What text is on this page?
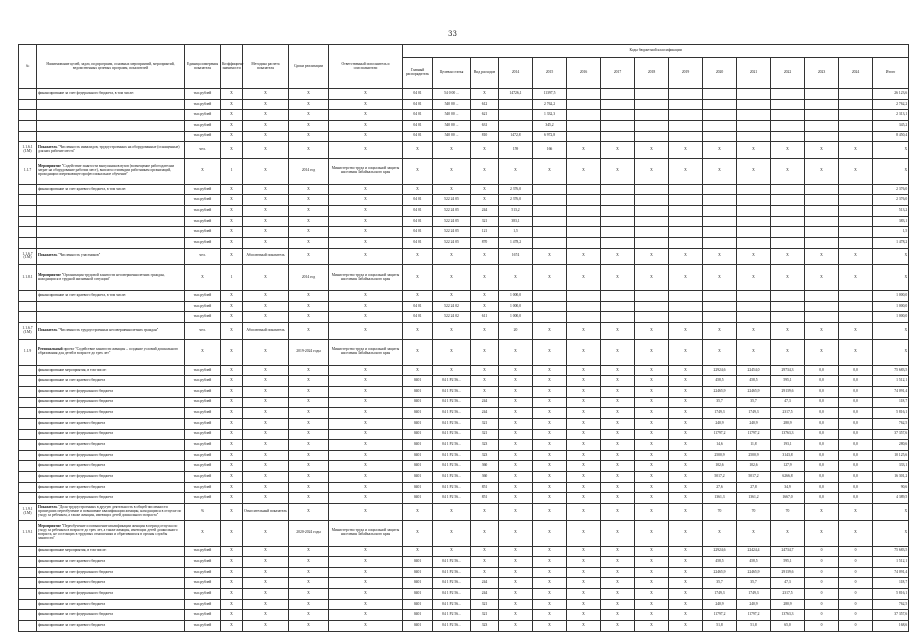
33
№	Наименование целей, задач, подпрограмм, основных мероприятий, мероприятий, ведомственных целевых программ, показателей	Единица измерения показателя	Коэффициент значимости	Методика расчета показателя	Сроки реализации	Ответственный исполнитель и соисполнители	Коды бюджетной классификации														
							Главный распорядитель	Целевая статья	Вид расходов	2014	2015	2016	2017	2018	2019	2020	2021	2022	2023	2024	Итого
	финансирование за счет федерального бюджета, в том числе:	тыс.рублей	X	X	X	X	04 01	54 0 00 ...	X	14726,1	11397,5										26 123,6
		тыс.рублей	X	X	X	X	04 01	540 00 ...	612		2 762,2										2 762,2
		тыс.рублей	X	X	X	X	04 01	540 00 ...	621		1 332,3										2 313,1
		тыс.рублей	X	X	X	X	04 01	540 00 ...	631		345,2										345,2
		тыс.рублей	X	X	X	X	04 01	540 00 ...	810	1472,8	6 972,8										8 450,4
1.1.6.1 (I.M)	Показатель "Численность инвалидов, трудоустроенных на оборудованные (оснащенные) для них рабочие места"	чел.	X	X	X	X	X	X	X	159	166	X	X	X	X	X	X	X	X	X	X
1.1.7	Мероприятие "Содействие занятости выпускников вузов (возмещение работодателям затрат на оборудование рабочих мест), выплата стипендии работникам организаций, проходящим опережающее профессиональное обучение"	X	1	X	2014 год	Министерство труда и социальной защиты населения Забайкальского края	X	X	X	X	X	X	X	X	X	X	X	X	X	X	X
	финансирование за счет краевого бюджета, в том числе:	тыс.рублей	X	X	X	X	X	X	X	2 376,0											2 376,0
		тыс.рублей	X	X	X	X	04 01	522 24 05	X	2 376,0											2 376,0
		тыс.рублей	X	X	X	X	04 01	522 24 05	244	513,2											513,2
		тыс.рублей	X	X	X	X	04 01	522 24 05	321	383,1											383,1
		тыс.рублей	X	X	X	X	04 01	522 24 05	121	1,5											1,5
		тыс.рублей	X	X	X	X	04 01	522 24 05	870	1 478,2											1 478,2
1.1.6.7 (I.M)	Показатель "Численность участников"	чел.	X	Абсолютный показатель	X	X	X	X	X	1674	X	X	X	X	X	X	X	X	X	X	X
1.1.8.1	Мероприятие "Организация трудовой занятости несовершеннолетних граждан, находящихся в трудной жизненной ситуации"	X	1	X	2014 год	Министерство труда и социальной защиты населения Забайкальского края	X	X	X	X	X	X	X	X	X	X	X	X	X	X	X
	финансирование за счет краевого бюджета, в том числе:	тыс.рублей	X	X	X	X	X	X	X	1 000,0											1 000,0
		тыс.рублей	X	X	X	X	04 01	522 24 02	X	1 000,0											1 000,0
		тыс.рублей	X	X	X	X	04 01	522 24 02	611	1 000,0											1 000,0
1.1.6.7 (I.M)	Показатель "Численность трудоустроенных несовершеннолетних граждан"	чел.	X	Абсолютный показатель	X	X	X	X	X	20	X	X	X	X	X	X	X	X	X	X	X
1.1.9	Региональный проект "Содействие занятости женщин – создание условий дошкольного образования для детей в возрасте до трех лет"	X	X	X	2019-2024 годы	Министерство труда и социальной защиты населения Забайкальского края	X	X	X	X	X	X	X	X	X	X	X	X	X	X	X
	финансирование мероприятия, в том числе:	тыс.рублей	X	X	X	X	X	X	X	X	X	X	X	X	X	22924,6	22454,0	29734,3	0,0	0,0	75 683,5
	финансирование за счет краевого бюджета	тыс.рублей	X	X	X	X	0401	04 1 P2 56...	X	X	X	X	X	X	X	458,5	458,5	595,1	0,0	0,0	1 512,1
	финансирование за счет федерального бюджета	тыс.рублей	X	X	X	X	0401	04 1 P2 56...	X	X	X	X	X	X	X	22465,9	22465,9	29139,6	0,0	0,0	74 091,4
	финансирование за счет федерального бюджета	тыс.рублей	X	X	X	X	0401	04 1 P2 56...	244	X	X	X	X	X	X	35,7	35,7	47,3	0,0	0,0	118,7
	финансирование за счет федерального бюджета	тыс.рублей	X	X	X	X	0401	04 1 P2 56...	244	X	X	X	X	X	X	1749,3	1749,3	2317,5	0,0	0,0	5 816,1
	финансирование за счет краевого бюджета	тыс.рублей	X	X	X	X	0401	04 1 P2 56...	321	X	X	X	X	X	X	240,9	240,9	280,9	0,0	0,0	762,5
	финансирование за счет федерального бюджета	тыс.рублей	X	X	X	X	0401	04 1 P2 56...	321	X	X	X	X	X	X	11797,2	11797,2	13763,3	0,0	0,0	37 357,6
	финансирование за счет краевого бюджета	тыс.рублей	X	X	X	X	0401	04 1 P2 56...	323	X	X	X	X	X	X	14,6	11,8	193,1	0,0	0,0	280,6
	финансирование за счет федерального бюджета	тыс.рублей	X	X	X	X	0401	04 1 P2 56...	323	X	X	X	X	X	X	2500,9	2500,9	3143,8	0,0	0,0	10 125,6
	финансирование за счет краевого бюджета	тыс.рублей	X	X	X	X	0401	04 1 P2 56...	360	X	X	X	X	X	X	102,6	102,6	127,9	0,0	0,0	333,1
	финансирование за счет федерального бюджета	тыс.рублей	X	X	X	X	0401	04 1 P2 56...	360	X	X	X	X	X	X	5017,2	5017,2	6266,8	0,0	0,0	16 301,2
	финансирование за счет краевого бюджета	тыс.рублей	X	X	X	X	0401	04 1 P2 56...	851	X	X	X	X	X	X	27,6	27,8	34,9	0,0	0,0	90,6
	финансирование за счет федерального бюджета	тыс.рублей	X	X	X	X	0401	04 1 P2 56...	851	X	X	X	X	X	X	1361,3	1361,2	1667,0	0,0	0,0	4 389,5
1.1.9.1 (I.M)	Показатель "Доля трудоустроенных в другую деятельность в общей численности прошедших переобучение и повышение квалификации женщин, находящихся в отпуске по уходу за ребенком, а также женщин, имеющих детей дошкольного возраста"	%	X	Относительный показатель	X	X	X	X	X	X	X	X	X	X	X	70	70	70	X	X	X
1.1.9.1	Мероприятие "Переобучение и повышение квалификации женщин в период отпуска по уходу за ребенком в возрасте до трех лет, а также женщин, имеющих детей дошкольного возраста, не состоящих в трудовых отношениях и обратившихся в органы службы занятости"	X	X	X	2020-2024 годы	Министерство труда и социальной защиты населения Забайкальского края	X	X	X	X	X	X	X	X	X	X	X	X	X	X	X
	финансирование мероприятия, в том числе:	тыс.рублей	X	X	X	X	X	X	X	X	X	X	X	X	X	22924,6	22424,4	24734,7	0	0	75 683,5
	финансирование за счет краевого бюджета	тыс.рублей	X	X	X	X	0401	04 1 P2 56...	X	X	X	X	X	X	X	458,5	458,5	595,1	0	0	1 512,1
	финансирование за счет федерального бюджета	тыс.рублей	X	X	X	X	0401	04 1 P2 56...	X	X	X	X	X	X	X	22465,9	22465,9	29139,6	0	0	74 091,4
	финансирование за счет краевого бюджета	тыс.рублей	X	X	X	X	0401	04 1 P2 56...	244	X	X	X	X	X	X	35,7	35,7	47,3	0	0	118,7
	финансирование за счет федерального бюджета	тыс.рублей	X	X	X	X	0401	04 1 P2 56...	244	X	X	X	X	X	X	1749,3	1749,3	2317,5	0	0	5 816,1
	финансирование за счет краевого бюджета	тыс.рублей	X	X	X	X	0401	04 1 P2 56...	321	X	X	X	X	X	X	240,9	240,9	280,9	0	0	762,5
	финансирование за счет федерального бюджета	тыс.рублей	X	X	X	X	0401	04 1 P2 56...	321	X	X	X	X	X	X	11797,2	11797,2	13763,3	0	0	37 357,6
	финансирование за счет краевого бюджета	тыс.рублей	X	X	X	X	0401	04 1 P2 56...	323	X	X	X	X	X	X	51,8	51,8	65,0	0	0	168,6
